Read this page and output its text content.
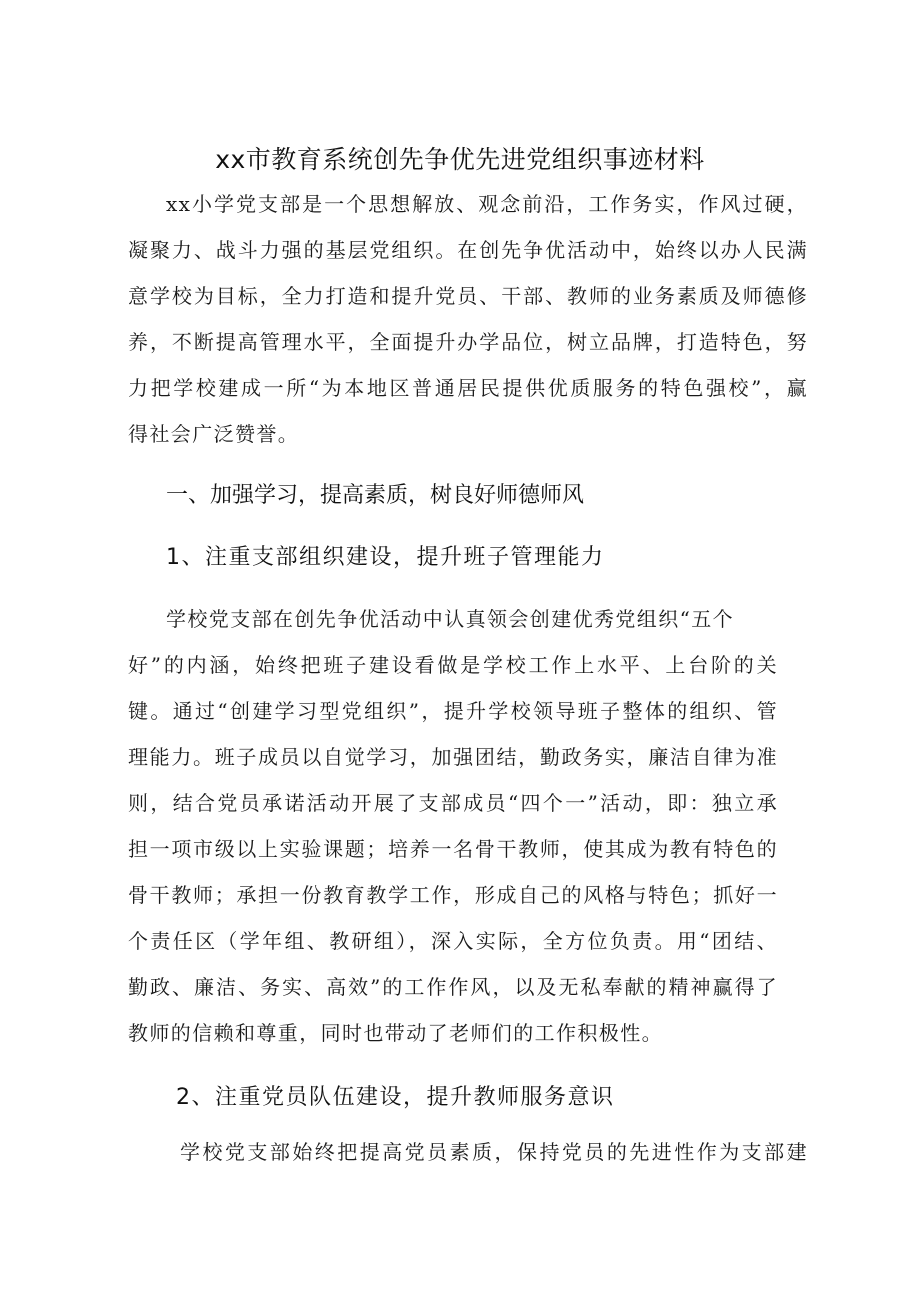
xx市教育系统创先争优先进党组织事迹材料
xx小学党支部是一个思想解放、观念前沿，工作务实，作风过硬，
凝聚力、战斗力强的基层党组织。在创先争优活动中，始终以办人民满
意学校为目标，全力打造和提升党员、干部、教师的业务素质及师德修
养，不断提高管理水平，全面提升办学品位，树立品牌，打造特色，努
力把学校建成一所“为本地区普通居民提供优质服务的特色强校”，赢
得社会广泛赞誉。
一、加强学习，提高素质，树良好师德师风
1、注重支部组织建设，提升班子管理能力
学校党支部在创先争优活动中认真领会创建优秀党组织“五个
好”的内涵，始终把班子建设看做是学校工作上水平、上台阶的关
键。通过“创建学习型党组织”，提升学校领导班子整体的组织、管
理能力。班子成员以自觉学习，加强团结，勤政务实，廉洁自律为准
则，结合党员承诺活动开展了支部成员“四个一”活动，即：独立承
担一项市级以上实验课题；培养一名骨干教师，使其成为教有特色的
骨干教师；承担一份教育教学工作，形成自己的风格与特色；抓好一
个责任区（学年组、教研组），深入实际，全方位负责。用“团结、
勤政、廉洁、务实、高效”的工作作风，以及无私奉献的精神赢得了
教师的信赖和尊重，同时也带动了老师们的工作积极性。
2、注重党员队伍建设，提升教师服务意识
学校党支部始终把提高党员素质，保持党员的先进性作为支部建
